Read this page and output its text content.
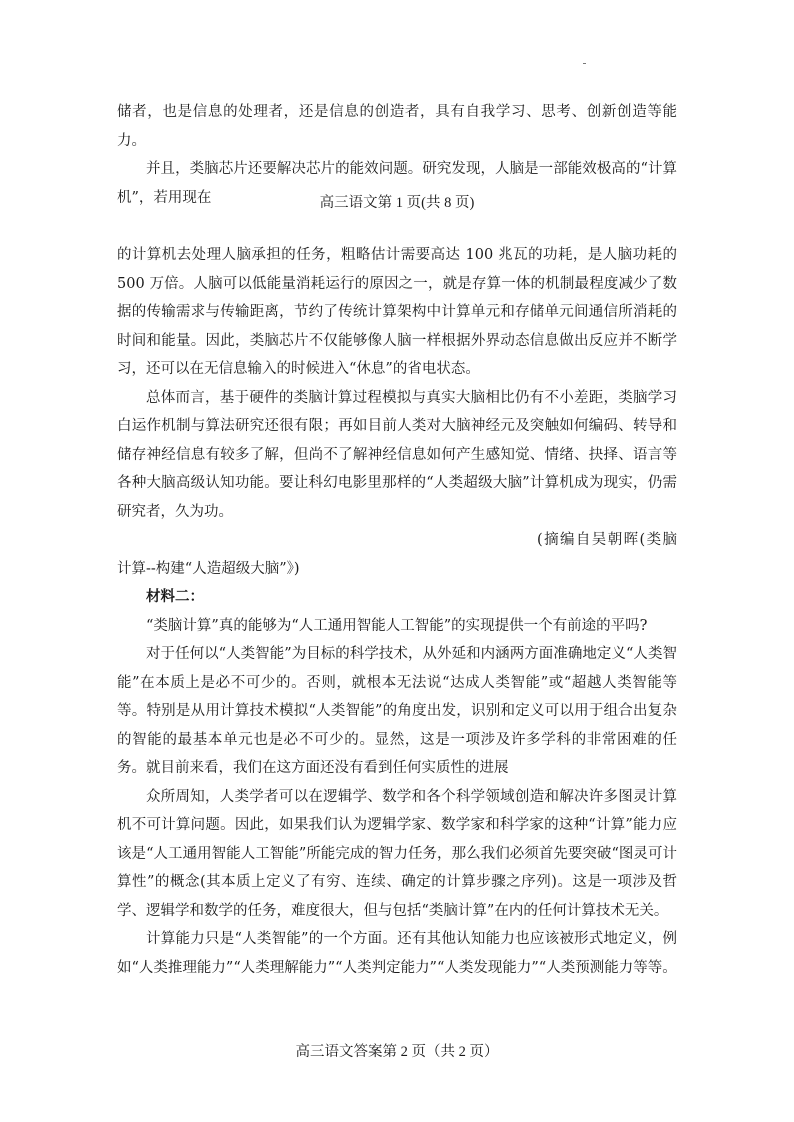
储者，也是信息的处理者，还是信息的创造者，具有自我学习、思考、创新创造等能力。

并且，类脑芯片还要解决芯片的能效问题。研究发现，人脑是一部能效极高的“计算机”，若用现在	高三语文第 1 页(共 8 页)

的计算机去处理人脑承担的任务，粗略估计需要高达 100 兆瓦的功耗，是人脑功耗的 500 万倍。人脑可以低能量消耗运行的原因之一，就是存算一体的机制最程度减少了数据的传输需求与传输距离，节约了传统计算架构中计算单元和存储单元间通信所消耗的时间和能量。因此，类脑芯片不仅能够像人脑一样根据外界动态信息做出反应并不断学习，还可以在无信息输入的时候进入“休息”的省电状态。

总体而言，基于硬件的类脑计算过程模拟与真实大脑相比仍有不小差距，类脑学习白运作机制与算法研究还很有限；再如目前人类对大脑神经元及突触如何编码、转导和储存神经信息有较多了解，但尚不了解神经信息如何产生感知觉、情绪、抉择、语言等各种大脑高级认知功能。要让科幻电影里那样的“人类超级大脑”计算机成为现实，仍需研究者，久为功。

(摘编自吴朝晖(类脑计算--构建“人造超级大脑”》)

材料二：

“类脑计算”真的能够为“人工通用智能人工智能”的实现提供一个有前途的平吗?

对于任何以“人类智能”为目标的科学技术，从外延和内涵两方面准确地定义“人类智能”在本质上是必不可少的。否则，就根本无法说“达成人类智能”或“超越人类智能等等。特别是从用计算技术模拟“人类智能”的角度出发，识别和定义可以用于组合出复杂的智能的最基本单元也是必不可少的。显然，这是一项涉及许多学科的非常困难的任务。就目前来看，我们在这方面还没有看到任何实质性的进展

众所周知，人类学者可以在逻辑学、数学和各个科学领域创造和解决许多图灵计算机不可计算问题。因此，如果我们认为逻辑学家、数学家和科学家的这种“计算”能力应该是“人工通用智能人工智能”所能完成的智力任务，那么我们必须首先要突破“图灵可计算性”的概念(其本质上定义了有穷、连续、确定的计算步骤之序列)。这是一项涉及哲学、逻辑学和数学的任务，难度很大，但与包括“类脑计算”在内的任何计算技术无关。

计算能力只是“人类智能”的一个方面。还有其他认知能力也应该被形式地定义，例如“人类推理能力”“人类理解能力”“人类判定能力”“人类发现能力”“人类预测能力等等。

高三语文答案第 2 页（共 2 页）
